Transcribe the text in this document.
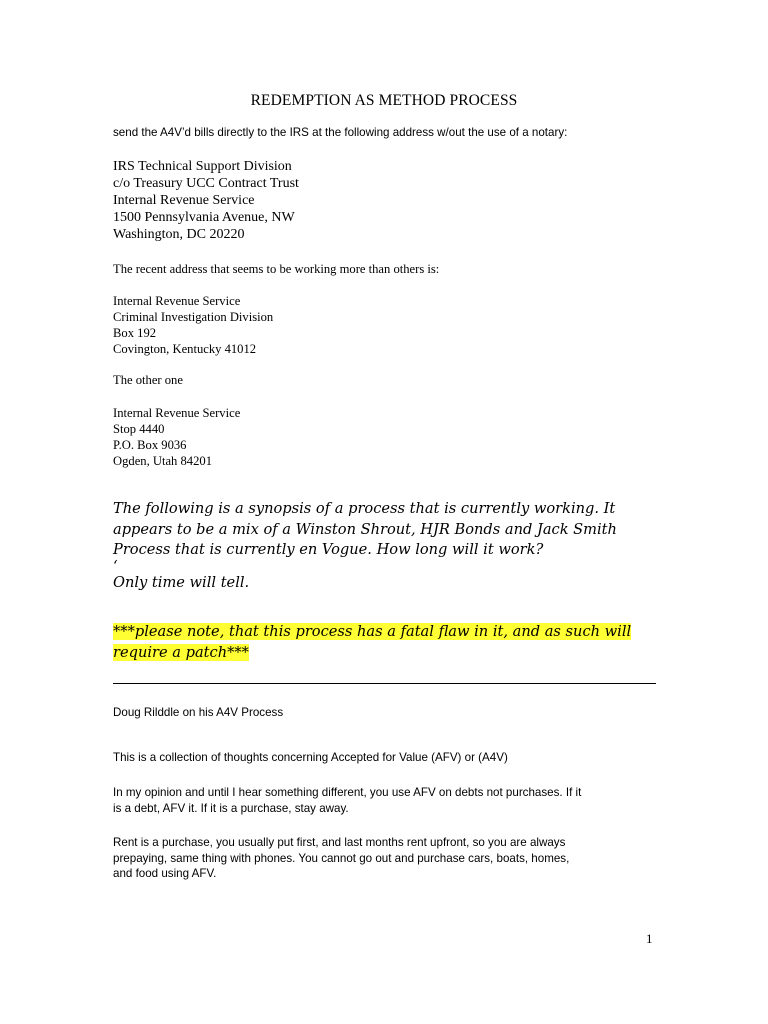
REDEMPTION AS METHOD PROCESS
send the A4V’d bills directly to the IRS at the following address w/out the use of a notary:
IRS Technical Support Division
c/o Treasury UCC Contract Trust
Internal Revenue Service
1500 Pennsylvania Avenue, NW
Washington, DC 20220
The recent address that seems to be working more than others is:
Internal Revenue Service
Criminal Investigation Division
Box 192
Covington, Kentucky 41012
The other one
Internal Revenue Service
Stop 4440
P.O. Box 9036
Ogden, Utah 84201
The following is a synopsis of a process that is currently working. It
appears to be a mix of a Winston Shrout, HJR Bonds and Jack Smith
Process that is currently en Vogue. How long will it work?
‘
Only time will tell.
***please note, that this process has a fatal flaw in it, and as such will
require a patch***
Doug Rilddle on his A4V Process
This is a collection of thoughts concerning Accepted for Value (AFV) or (A4V)
In my opinion and until I hear something different, you use AFV on debts not purchases. If it
is a debt, AFV it. If it is a purchase, stay away.
Rent is a purchase, you usually put first, and last months rent upfront, so you are always
prepaying, same thing with phones. You cannot go out and purchase cars, boats, homes,
and food using AFV.
1
